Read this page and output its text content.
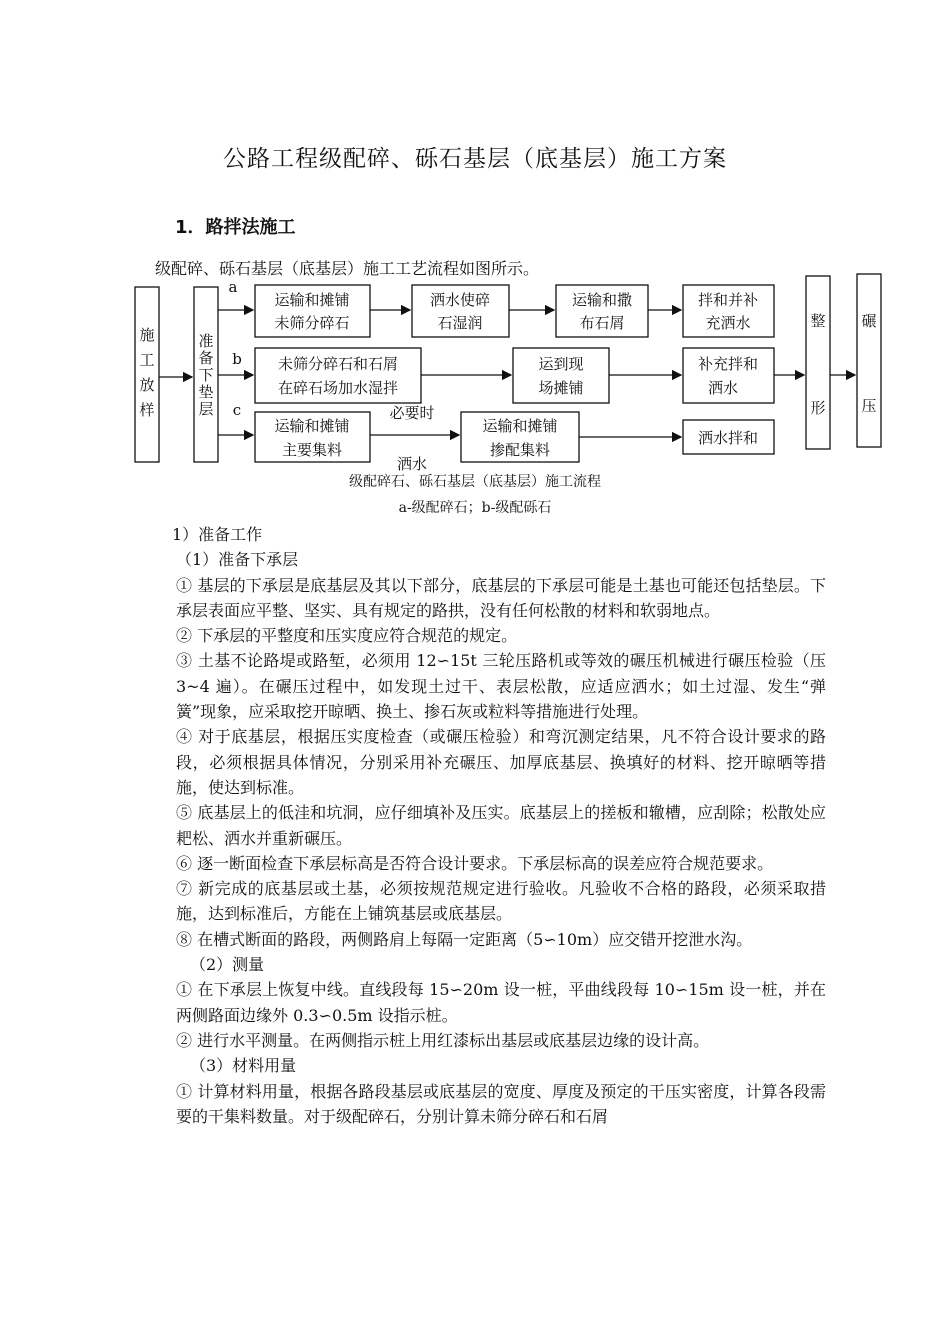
公路工程级配碎、砾石基层（底基层）施工方案
1．路拌法施工
级配碎、砾石基层（底基层）施工工艺流程如图所示。
施
工
放
样
准
备
下
垫
层
整
形
碾
压
a
b
c
运输和摊铺
未筛分碎石
洒水使碎
石湿润
运输和撒
布石屑
拌和并补
充洒水
未筛分碎石和石屑
在碎石场加水湿拌
运到现
场摊铺
补充拌和
洒水
运输和摊铺
主要集料
必要时
洒水
运输和摊铺
掺配集料
洒水拌和
级配碎石、砾石基层（底基层）施工流程
a-级配碎石；b-级配砾石

1）准备工作

（1）准备下承层

① 基层的下承层是底基层及其以下部分，底基层的下承层可能是土基也可能还包括垫层。下承层表面应平整、坚实、具有规定的路拱，没有任何松散的材料和软弱地点。

② 下承层的平整度和压实度应符合规范的规定。

③ 土基不论路堤或路堑，必须用 12∽15t 三轮压路机或等效的碾压机械进行碾压检验（压 3~4 遍）。在碾压过程中，如发现土过干、表层松散，应适应洒水；如土过湿、发生“弹簧”现象，应采取挖开晾晒、换土、掺石灰或粒料等措施进行处理。

④ 对于底基层，根据压实度检查（或碾压检验）和弯沉测定结果，凡不符合设计要求的路段，必须根据具体情况，分别采用补充碾压、加厚底基层、换填好的材料、挖开晾晒等措施，使达到标准。

⑤ 底基层上的低洼和坑洞，应仔细填补及压实。底基层上的搓板和辙槽，应刮除；松散处应耙松、洒水并重新碾压。

⑥ 逐一断面检查下承层标高是否符合设计要求。下承层标高的误差应符合规范要求。

⑦ 新完成的底基层或土基，必须按规范规定进行验收。凡验收不合格的路段，必须采取措施，达到标准后，方能在上铺筑基层或底基层。

⑧ 在槽式断面的路段，两侧路肩上每隔一定距离（5∽10m）应交错开挖泄水沟。

（2）测量

① 在下承层上恢复中线。直线段每 15∽20m 设一桩，平曲线段每 10∽15m 设一桩，并在两侧路面边缘外 0.3∽0.5m 设指示桩。

② 进行水平测量。在两侧指示桩上用红漆标出基层或底基层边缘的设计高。

（3）材料用量

① 计算材料用量，根据各路段基层或底基层的宽度、厚度及预定的干压实密度，计算各段需要的干集料数量。对于级配碎石，分别计算未筛分碎石和石屑
